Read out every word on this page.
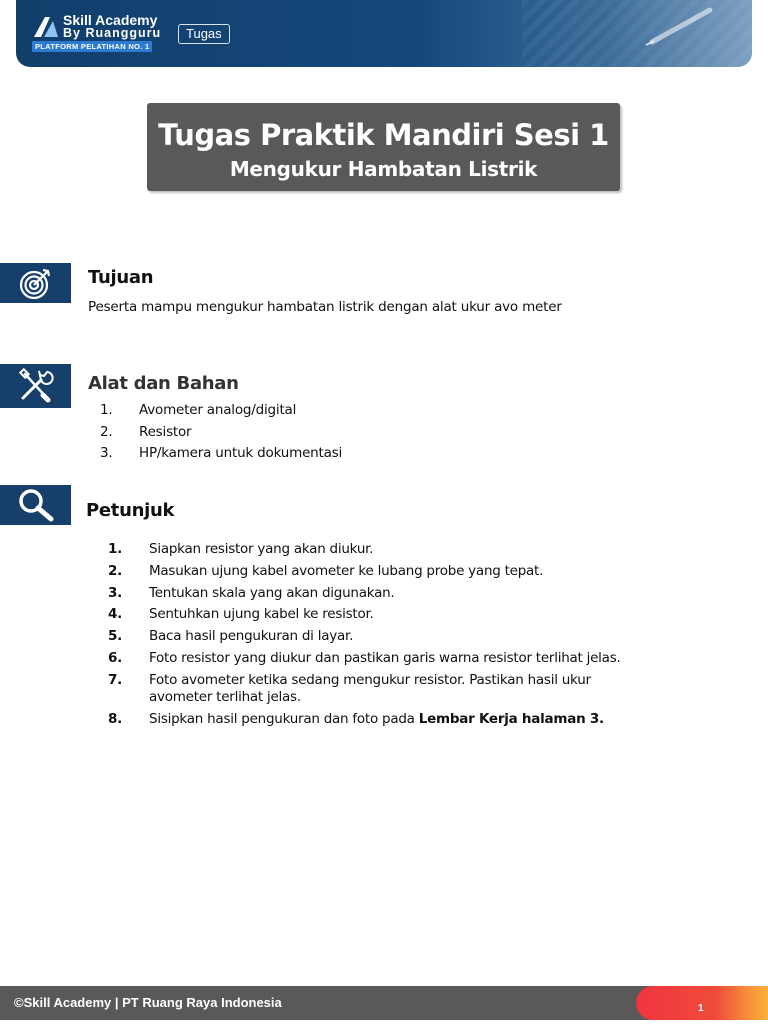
Skill Academy
By Ruangguru
PLATFORM PELATIHAN NO. 1
Tugas
Tugas Praktik Mandiri Sesi 1
Mengukur Hambatan Listrik
Tujuan
Peserta mampu mengukur hambatan listrik dengan alat ukur avo meter
Alat dan Bahan
1.	Avometer analog/digital
2.	Resistor
3.	HP/kamera untuk dokumentasi
Petunjuk
1.	Siapkan resistor yang akan diukur.
2.	Masukan ujung kabel avometer ke lubang probe yang tepat.
3.	Tentukan skala yang akan digunakan.
4.	Sentuhkan ujung kabel ke resistor.
5.	Baca hasil pengukuran di layar.
6.	Foto resistor yang diukur dan pastikan garis warna resistor terlihat jelas.
7.	Foto avometer ketika sedang mengukur resistor. Pastikan hasil ukur avometer terlihat jelas.
8.	Sisipkan hasil pengukuran dan foto pada Lembar Kerja halaman 3.
©Skill Academy | PT Ruang Raya Indonesia	1
